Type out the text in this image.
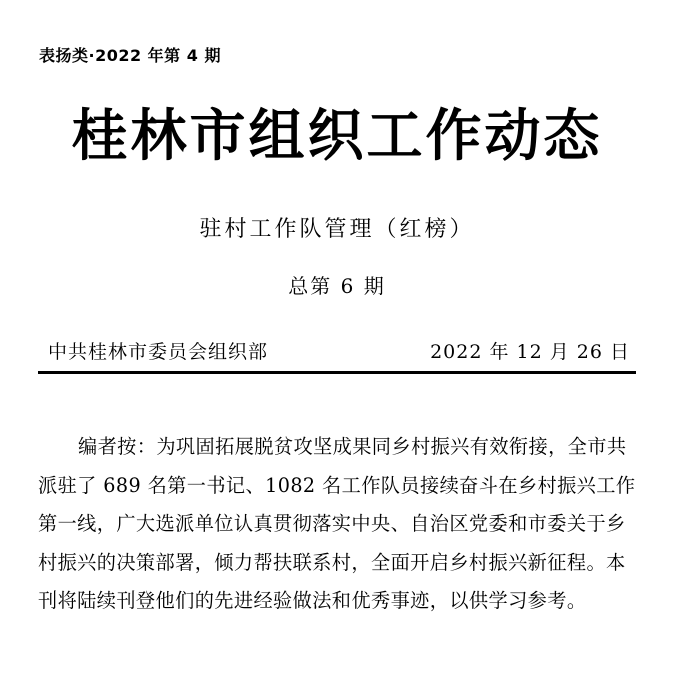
表扬类·2022 年第 4 期
桂林市组织工作动态
驻村工作队管理（红榜）
总第 6 期
中共桂林市委员会组织部	2022 年 12 月 26 日

编者按：为巩固拓展脱贫攻坚成果同乡村振兴有效衔接，全市共派驻了 689 名第一书记、1082 名工作队员接续奋斗在乡村振兴工作第一线，广大选派单位认真贯彻落实中央、自治区党委和市委关于乡村振兴的决策部署，倾力帮扶联系村，全面开启乡村振兴新征程。本刊将陆续刊登他们的先进经验做法和优秀事迹，以供学习参考。
